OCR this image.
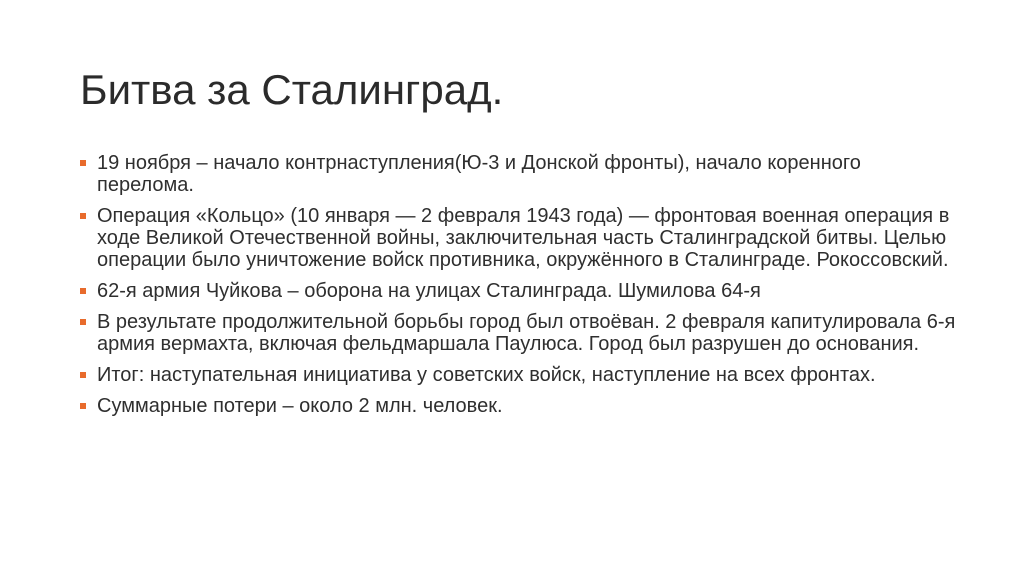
Битва за Сталинград.
19 ноября – начало контрнаступления(Ю-3 и Донской фронты), начало коренного перелома.
Операция «Кольцо» (10 января — 2 февраля 1943 года) — фронтовая военная операция в ходе Великой Отечественной войны, заключительная часть Сталинградской битвы. Целью операции было уничтожение войск противника, окружённого в Сталинграде. Рокоссовский.
62-я армия Чуйкова – оборона на улицах Сталинграда. Шумилова 64-я
В результате продолжительной борьбы город был отвоёван. 2 февраля капитулировала 6-я армия вермахта, включая фельдмаршала Паулюса. Город был разрушен до основания.
Итог: наступательная инициатива у советских войск, наступление на всех фронтах.
Суммарные потери – около 2 млн. человек.
